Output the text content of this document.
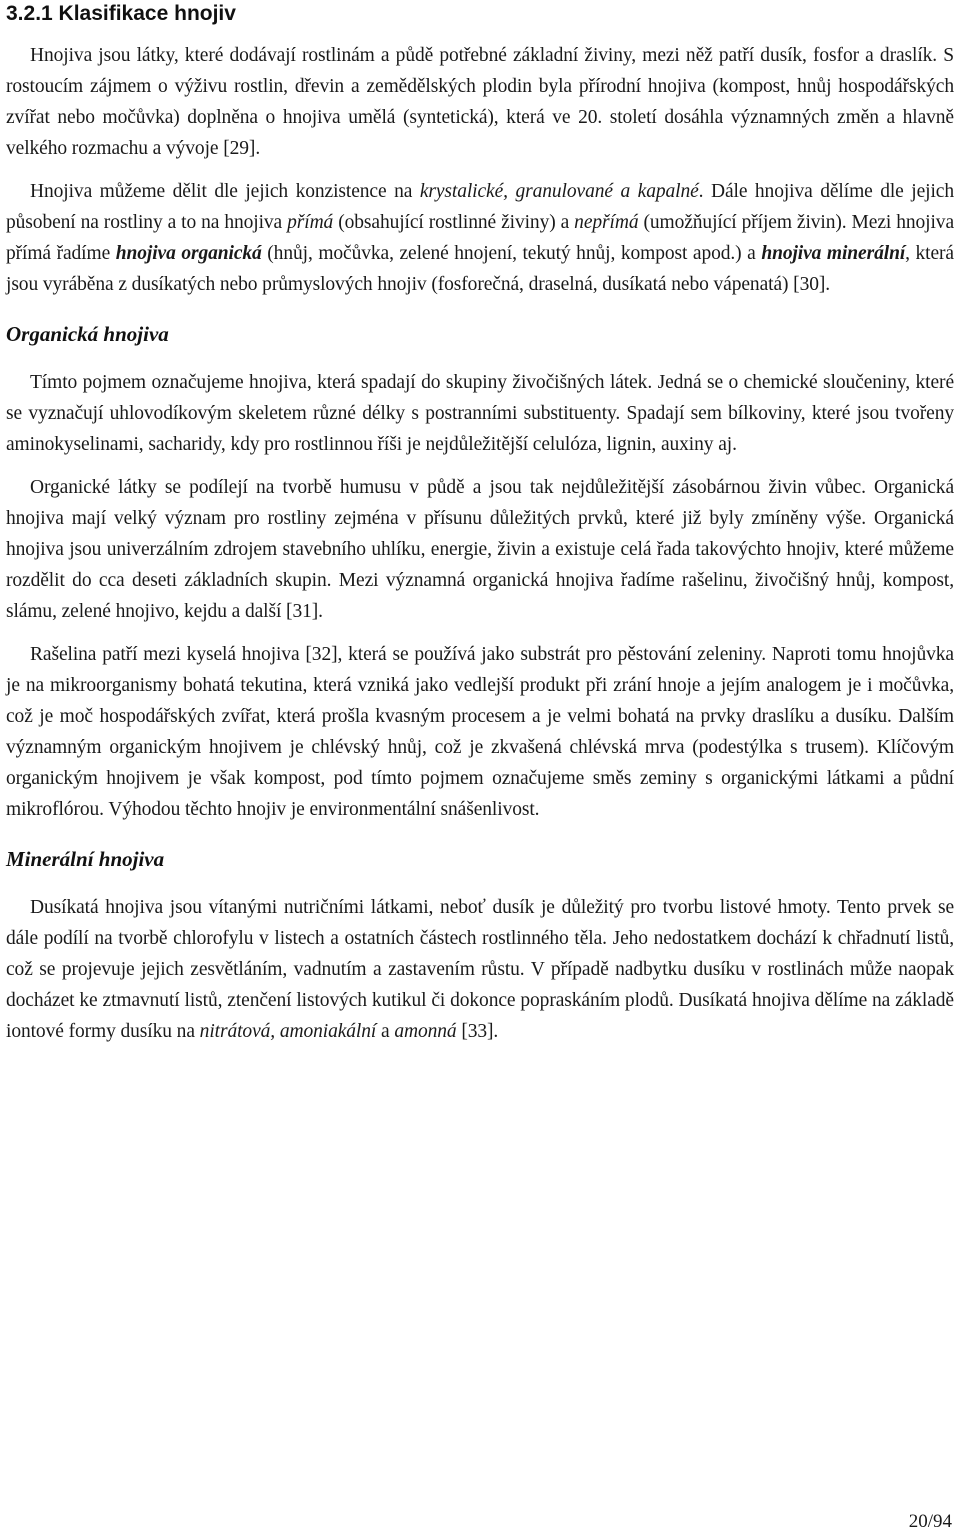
3.2.1 Klasifikace hnojiv

Hnojiva jsou látky, které dodávají rostlinám a půdě potřebné základní živiny, mezi něž patří dusík, fosfor a draslík. S rostoucím zájmem o výživu rostlin, dřevin a zemědělských plodin byla přírodní hnojiva (kompost, hnůj hospodářských zvířat nebo močůvka) doplněna o hnojiva umělá (syntetická), která ve 20. století dosáhla významných změn a hlavně velkého rozmachu a vývoje [29].

Hnojiva můžeme dělit dle jejich konzistence na krystalické, granulované a kapalné. Dále hnojiva dělíme dle jejich působení na rostliny a to na hnojiva přímá (obsahující rostlinné živiny) a nepřímá (umožňující příjem živin). Mezi hnojiva přímá řadíme hnojiva organická (hnůj, močůvka, zelené hnojení, tekutý hnůj, kompost apod.) a hnojiva minerální, která jsou vyráběna z dusíkatých nebo průmyslových hnojiv (fosforečná, draselná, dusíkatá nebo vápenatá) [30].

Organická hnojiva

Tímto pojmem označujeme hnojiva, která spadají do skupiny živočišných látek. Jedná se o chemické sloučeniny, které se vyznačují uhlovodíkovým skeletem různé délky s postranními substituenty. Spadají sem bílkoviny, které jsou tvořeny aminokyselinami, sacharidy, kdy pro rostlinnou říši je nejdůležitější celulóza, lignin, auxiny aj.

Organické látky se podílejí na tvorbě humusu v půdě a jsou tak nejdůležitější zásobárnou živin vůbec. Organická hnojiva mají velký význam pro rostliny zejména v přísunu důležitých prvků, které již byly zmíněny výše. Organická hnojiva jsou univerzálním zdrojem stavebního uhlíku, energie, živin a existuje celá řada takovýchto hnojiv, které můžeme rozdělit do cca deseti základních skupin. Mezi významná organická hnojiva řadíme rašelinu, živočišný hnůj, kompost, slámu, zelené hnojivo, kejdu a další [31].

Rašelina patří mezi kyselá hnojiva [32], která se používá jako substrát pro pěstování zeleniny. Naproti tomu hnojůvka je na mikroorganismy bohatá tekutina, která vzniká jako vedlejší produkt při zrání hnoje a jejím analogem je i močůvka, což je moč hospodářských zvířat, která prošla kvasným procesem a je velmi bohatá na prvky draslíku a dusíku. Dalším významným organickým hnojivem je chlévský hnůj, což je zkvašená chlévská mrva (podestýlka s trusem). Klíčovým organickým hnojivem je však kompost, pod tímto pojmem označujeme směs zeminy s organickými látkami a půdní mikroflórou. Výhodou těchto hnojiv je environmentální snášenlivost.

Minerální hnojiva

Dusíkatá hnojiva jsou vítanými nutričními látkami, neboť dusík je důležitý pro tvorbu listové hmoty. Tento prvek se dále podílí na tvorbě chlorofylu v listech a ostatních částech rostlinného těla. Jeho nedostatkem dochází k chřadnutí listů, což se projevuje jejich zesvětláním, vadnutím a zastavením růstu. V případě nadbytku dusíku v rostlinách může naopak docházet ke ztmavnutí listů, ztenčení listových kutikul či dokonce popraskáním plodů. Dusíkatá hnojiva dělíme na základě iontové formy dusíku na nitrátová, amoniakální a amonná [33].

20/94
